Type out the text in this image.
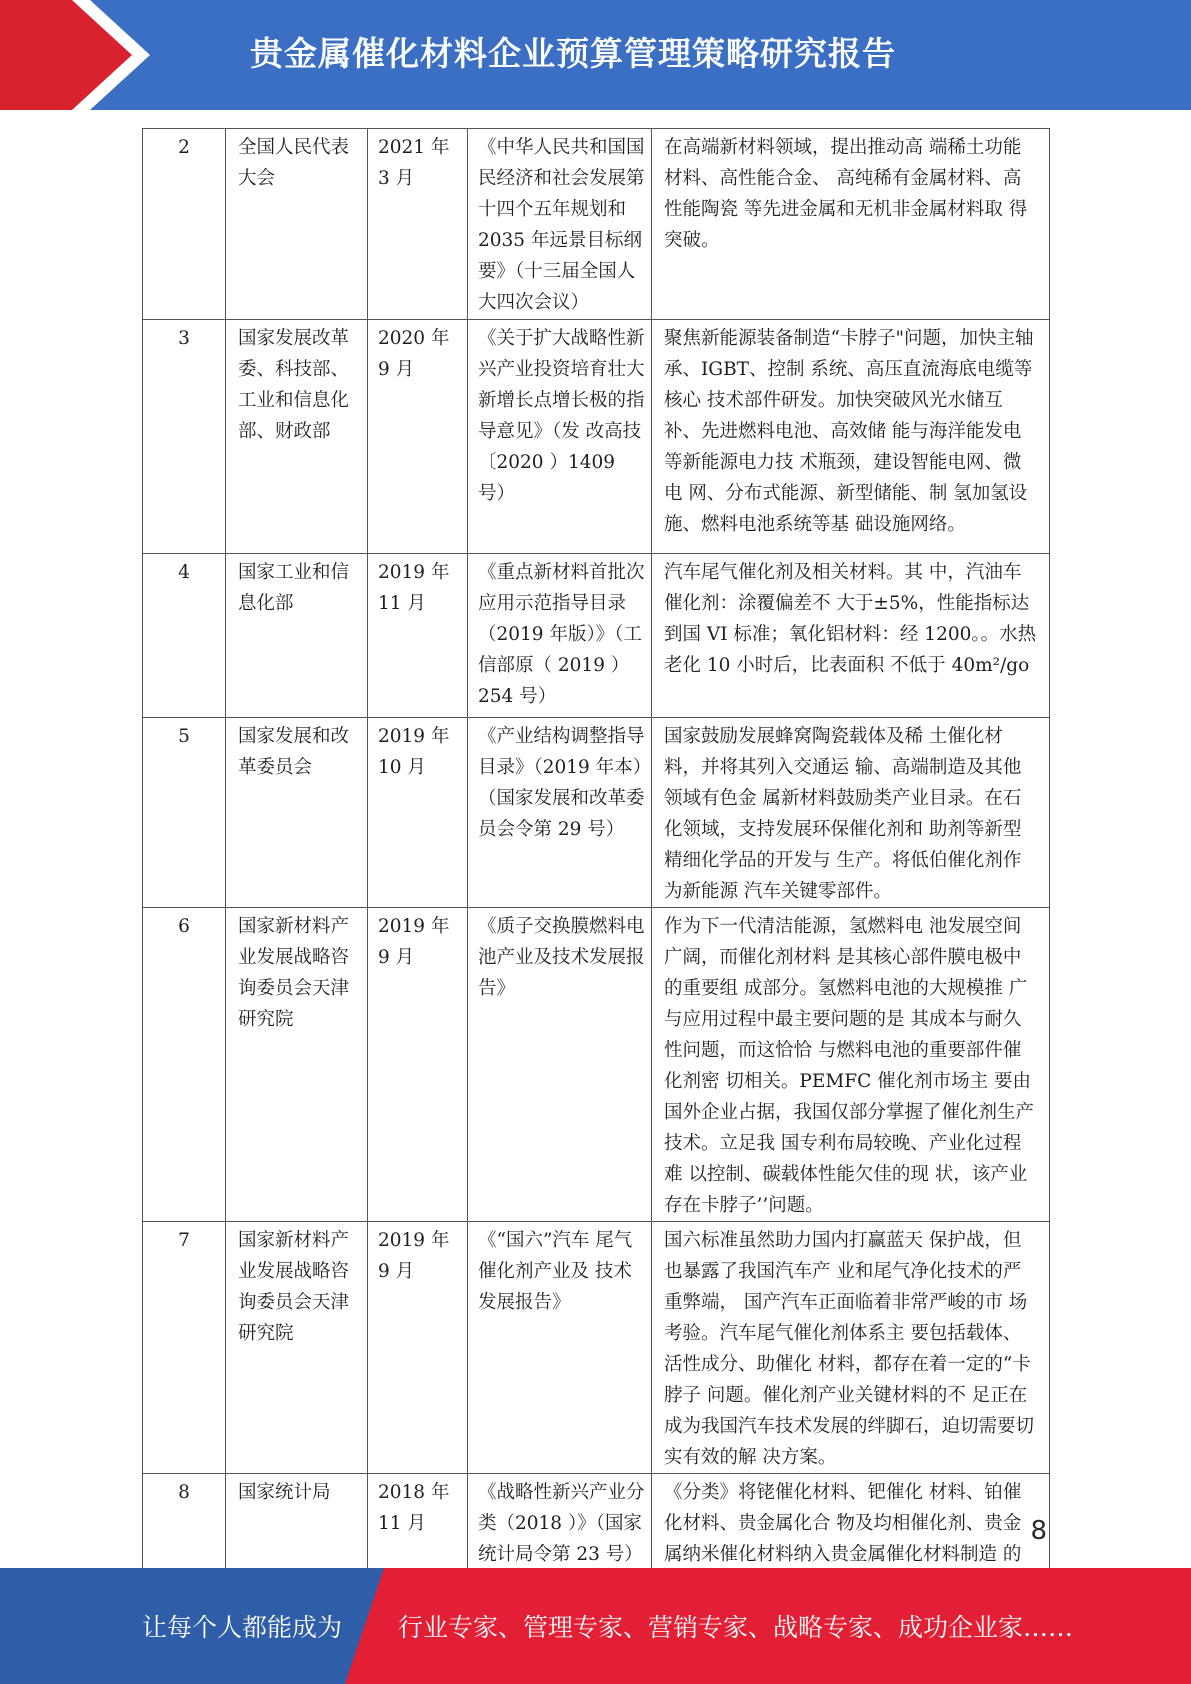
贵金属催化材料企业预算管理策略研究报告
2	全国人民代表大会	2021 年 3 月	《中华人民共和国国民经济和社会发展第十四个五年规划和 2035 年远景目标纲要》（十三届全国人大四次会议）	在高端新材料领域，提出推动高 端稀土功能材料、高性能合金、 高纯稀有金属材料、高性能陶瓷 等先进金属和无机非金属材料取 得突破。
3	国家发展改革委、科技部、工业和信息化部、财政部	2020 年 9 月	《关于扩大战略性新兴产业投资培育壮大新增长点增长极的指导意见》（发 改高技〔2020 ）1409 号）	聚焦新能源装备制造“卡脖子"问题，加快主轴承、IGBT、控制 系统、高压直流海底电缆等核心 技术部件研发。加快突破风光水储互补、先进燃料电池、高效储 能与海洋能发电等新能源电力技 术瓶颈，建设智能电网、微电 网、分布式能源、新型储能、制 氢加氢设施、燃料电池系统等基 础设施网络。
4	国家工业和信息化部	2019 年 11 月	《重点新材料首批次应用示范指导目录（2019 年版）》（工信部原（ 2019 ） 254 号）	汽车尾气催化剂及相关材料。其 中，汽油车催化剂：涂覆偏差不 大于±5%，性能指标达到国 VI 标准；氧化铝材料：经 1200。。水热老化 10 小时后，比表面积 不低于 40m²/go
5	国家发展和改革委员会	2019 年 10 月	《产业结构调整指导目录》（2019 年本）（国家发展和改革委员会令第 29 号）	国家鼓励发展蜂窝陶瓷载体及稀 土催化材料，并将其列入交通运 输、高端制造及其他领域有色金 属新材料鼓励类产业目录。在石 化领域，支持发展环保催化剂和 助剂等新型精细化学品的开发与 生产。将低伯催化剂作为新能源 汽车关键零部件。
6	国家新材料产业发展战略咨询委员会天津研究院	2019 年 9 月	《质子交换膜燃料电池产业及技术发展报告》	作为下一代清洁能源，氢燃料电 池发展空间广阔，而催化剂材料 是其核心部件膜电极中的重要组 成部分。氢燃料电池的大规模推 广与应用过程中最主要问题的是 其成本与耐久性问题，而这恰恰 与燃料电池的重要部件催化剂密 切相关。PEMFC 催化剂市场主 要由国外企业占据，我国仅部分掌握了催化剂生产技术。立足我 国专利布局较晚、产业化过程难 以控制、碳载体性能欠佳的现 状，该产业存在卡脖子’’问题。
7	国家新材料产业发展战略咨询委员会天津研究院	2019 年 9 月	《“国六”汽车 尾气催化剂产业及 技术发展报告》	国六标准虽然助力国内打赢蓝天 保护战，但也暴露了我国汽车产 业和尾气净化技术的严重弊端， 国产汽车正面临着非常严峻的市 场考验。汽车尾气催化剂体系主 要包括载体、活性成分、助催化 材料，都存在着一定的“卡脖子 问题。催化剂产业关键材料的不 足正在成为我国汽车技术发展的绊脚石，迫切需要切实有效的解 决方案。
8	国家统计局	2018 年 11 月	《战略性新兴产业分类（2018 ）》（国家统计局令第 23 号）	《分类》将铑催化材料、钯催化 材料、铂催化材料、贵金属化合 物及均相催化剂、贵金属纳米催化材料纳入贵金属催化材料制造 的
8
让每个人都能成为 行业专家、管理专家、营销专家、战略专家、成功企业家……
